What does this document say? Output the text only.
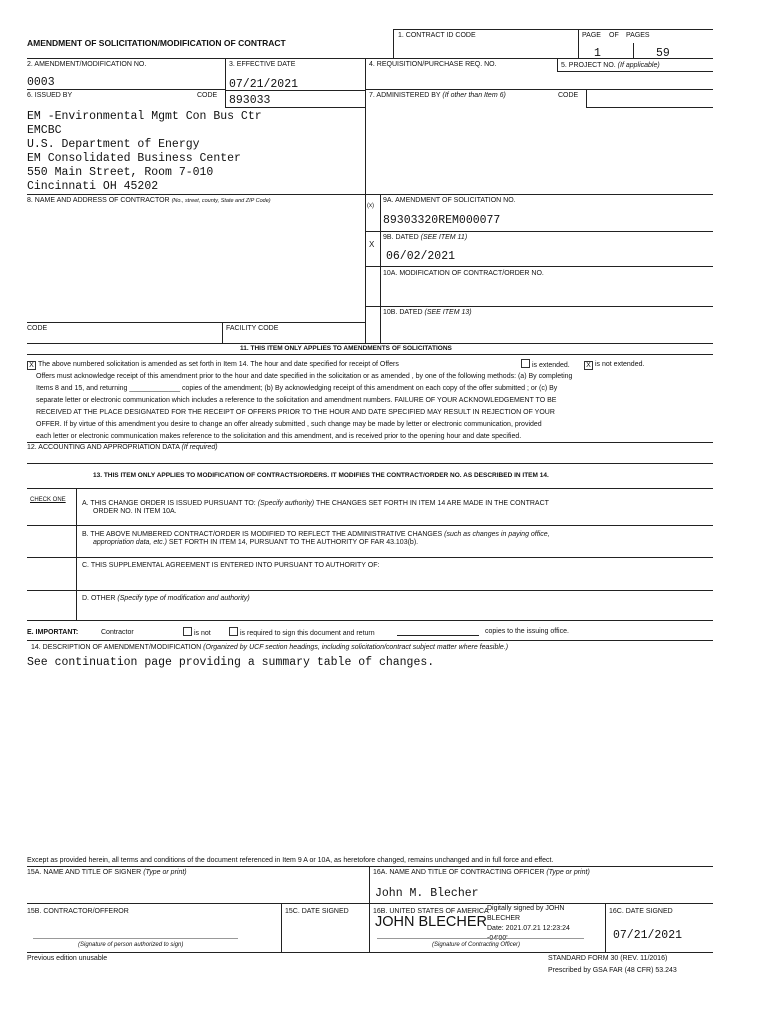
AMENDMENT OF SOLICITATION/MODIFICATION OF CONTRACT
1. CONTRACT ID CODE	PAGE OF PAGES
1	59
2. AMENDMENT/MODIFICATION NO.
0003
3. EFFECTIVE DATE
07/21/2021
4. REQUISITION/PURCHASE REQ. NO.	5. PROJECT NO. (If applicable)
6. ISSUED BY	CODE 893033	7. ADMINISTERED BY (If other than Item 6)	CODE
EM -Environmental Mgmt Con Bus Ctr
EMCBC
U.S. Department of Energy
EM Consolidated Business Center
550 Main Street, Room 7-010
Cincinnati OH 45202
8. NAME AND ADDRESS OF CONTRACTOR (No., street, county, State and ZIP Code)
(x)
9A. AMENDMENT OF SOLICITATION NO.
89303320REM000077
X
9B. DATED (SEE ITEM 11)
06/02/2021
10A. MODIFICATION OF CONTRACT/ORDER NO.
10B. DATED (SEE ITEM 13)
CODE	FACILITY CODE
11. THIS ITEM ONLY APPLIES TO AMENDMENTS OF SOLICITATIONS
X The above numbered solicitation is amended as set forth in Item 14. The hour and date specified for receipt of Offers	is extended.	X is not extended.
Offers must acknowledge receipt of this amendment prior to the hour and date specified in the solicitation or as amended , by one of the following methods: (a) By completing
Items 8 and 15, and returning _____________ copies of the amendment; (b) By acknowledging receipt of this amendment on each copy of the offer submitted ; or (c) By
separate letter or electronic communication which includes a reference to the solicitation and amendment numbers. FAILURE OF YOUR ACKNOWLEDGEMENT TO BE
RECEIVED AT THE PLACE DESIGNATED FOR THE RECEIPT OF OFFERS PRIOR TO THE HOUR AND DATE SPECIFIED MAY RESULT IN REJECTION OF YOUR
OFFER. If by virtue of this amendment you desire to change an offer already submitted , such change may be made by letter or electronic communication, provided
each letter or electronic communication makes reference to the solicitation and this amendment, and is received prior to the opening hour and date specified.
12. ACCOUNTING AND APPROPRIATION DATA (If required)
13. THIS ITEM ONLY APPLIES TO MODIFICATION OF CONTRACTS/ORDERS. IT MODIFIES THE CONTRACT/ORDER NO. AS DESCRIBED IN ITEM 14.
CHECK ONE A. THIS CHANGE ORDER IS ISSUED PURSUANT TO: (Specify authority) THE CHANGES SET FORTH IN ITEM 14 ARE MADE IN THE CONTRACT
ORDER NO. IN ITEM 10A.
B. THE ABOVE NUMBERED CONTRACT/ORDER IS MODIFIED TO REFLECT THE ADMINISTRATIVE CHANGES (such as changes in paying office,
appropriation data, etc.) SET FORTH IN ITEM 14, PURSUANT TO THE AUTHORITY OF FAR 43.103(b).
C. THIS SUPPLEMENTAL AGREEMENT IS ENTERED INTO PURSUANT TO AUTHORITY OF:
D. OTHER (Specify type of modification and authority)
E. IMPORTANT:	Contractor	is not	is required to sign this document and return	copies to the issuing office.
14. DESCRIPTION OF AMENDMENT/MODIFICATION (Organized by UCF section headings, including solicitation/contract subject matter where feasible.)
See continuation page providing a summary table of changes.
Except as provided herein, all terms and conditions of the document referenced in Item 9 A or 10A, as heretofore changed, remains unchanged and in full force and effect.
15A. NAME AND TITLE OF SIGNER (Type or print)	16A. NAME AND TITLE OF CONTRACTING OFFICER (Type or print)
John M. Blecher
15B. CONTRACTOR/OFFEROR	15C. DATE SIGNED	16B. UNITED STATES OF AMERICA	16C. DATE SIGNED
07/21/2021
JOHN BLECHER
Digitally signed by JOHN
BLECHER
Date: 2021.07.21 12:23:24
-04'00'
(Signature of person authorized to sign)	(Signature of Contracting Officer)
Previous edition unusable	STANDARD FORM 30 (REV. 11/2016)
Prescribed by GSA FAR (48 CFR) 53.243
